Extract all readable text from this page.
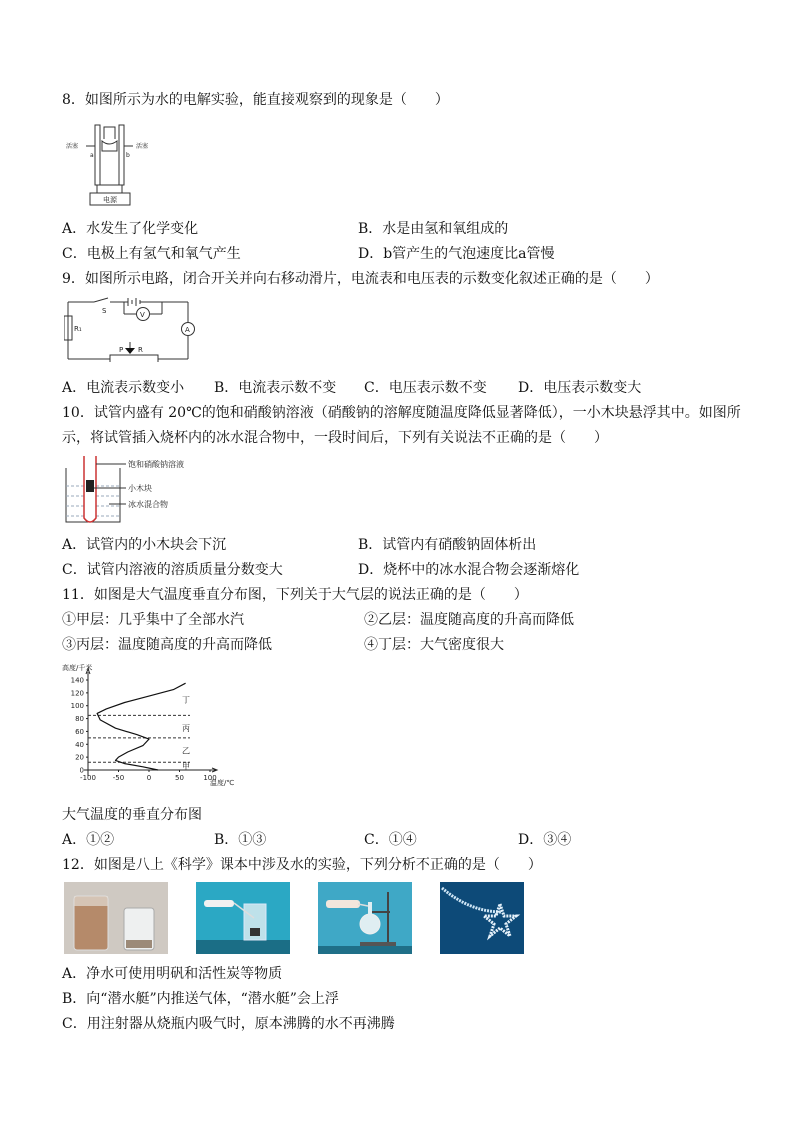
8．如图所示为水的电解实验，能直接观察到的现象是（　　）
活塞	活塞
a	b
电源
A．水发生了化学变化	B．水是由氢和氧组成的
C．电极上有氢气和氧气产生	D．b管产生的气泡速度比a管慢
9．如图所示电路，闭合开关并向右移动滑片，电流表和电压表的示数变化叙述正确的是（　　）
S
R₁
V
A
P R
A．电流表示数变小 B．电流表示数不变 C．电压表示数不变 D．电压表示数变大
10．试管内盛有 20℃的饱和硝酸钠溶液（硝酸钠的溶解度随温度降低显著降低），一小木块悬浮其中。如图所
示，将试管插入烧杯内的冰水混合物中，一段时间后，下列有关说法不正确的是（　　）
饱和硝酸钠溶液
小木块
冰水混合物
A．试管内的小木块会下沉	B．试管内有硝酸钠固体析出
C．试管内溶液的溶质质量分数变大	D．烧杯中的冰水混合物会逐渐熔化
11．如图是大气温度垂直分布图，下列关于大气层的说法正确的是（　　）
①甲层：几乎集中了全部水汽	②乙层：温度随高度的升高而降低
③丙层：温度随高度的升高而降低	④丁层：大气密度很大
高度/千米
温度/℃
0
20
40
60
80
100
120
140
-100 -50	0	50	100
甲
乙
丙
丁
大气温度的垂直分布图
A．①②	B．①③	C．①④	D．③④
12．如图是八上《科学》课本中涉及水的实验，下列分析不正确的是（　　）
A．净水可使用明矾和活性炭等物质
B．向“潜水艇”内推送气体，“潜水艇”会上浮
C．用注射器从烧瓶内吸气时，原本沸腾的水不再沸腾
